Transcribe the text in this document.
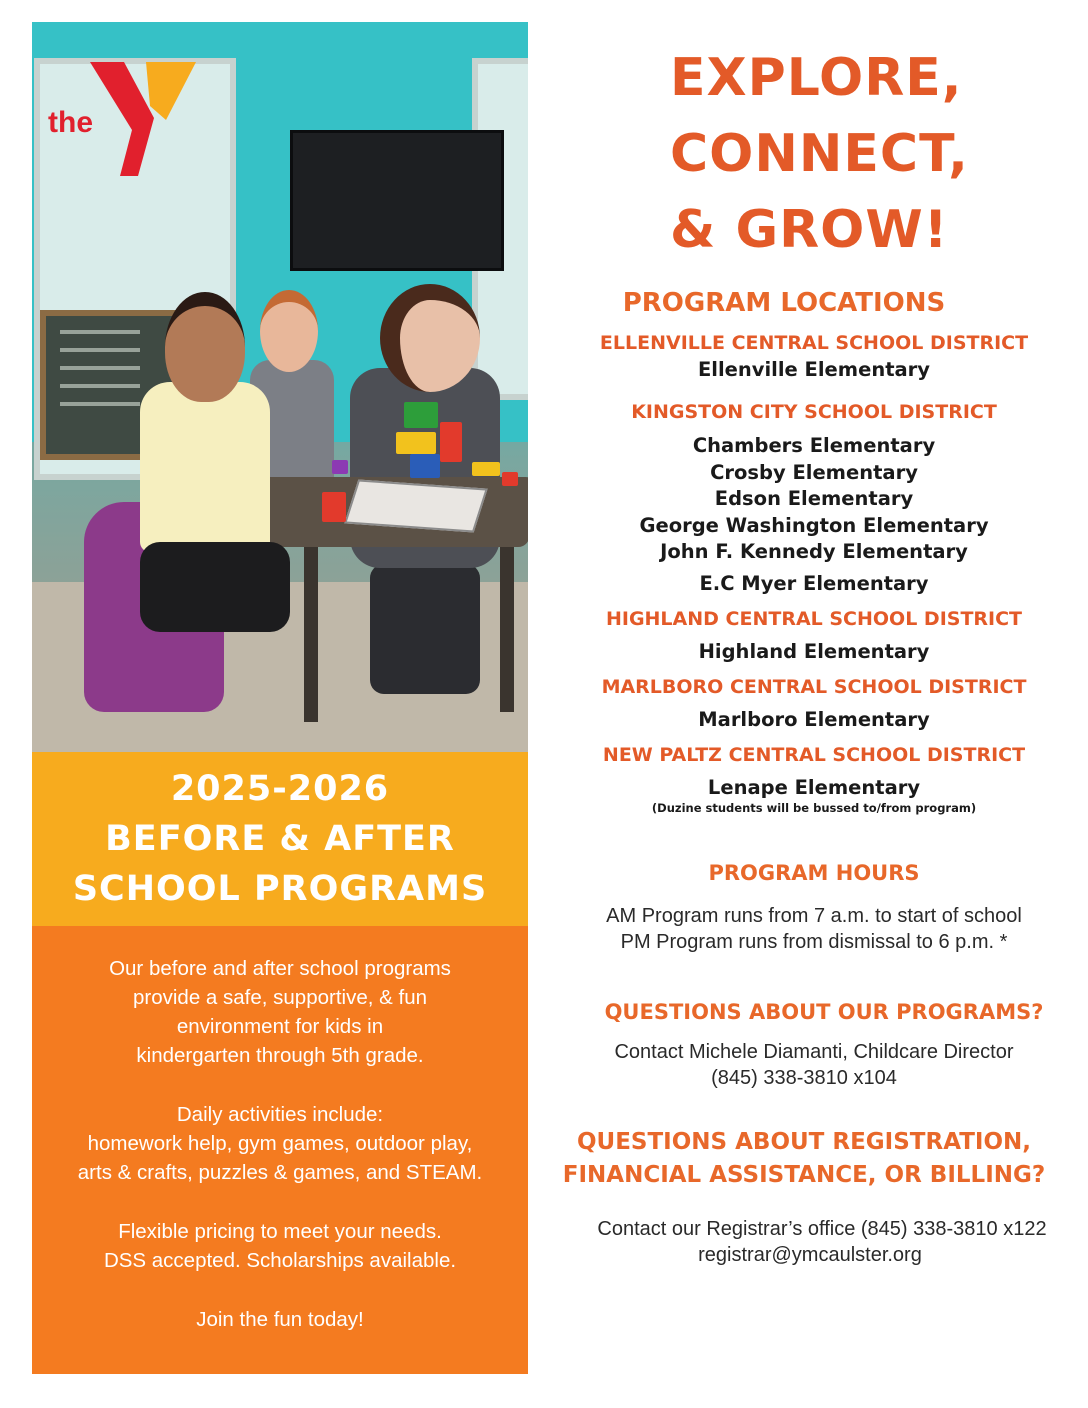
the
2025-2026
BEFORE & AFTER
SCHOOL PROGRAMS

Our before and after school programs
provide a safe, supportive, & fun
environment for kids in
kindergarten through 5th grade.

Daily activities include:
homework help, gym games, outdoor play,
arts & crafts, puzzles & games, and STEAM.

Flexible pricing to meet your needs.
DSS accepted. Scholarships available.

Join the fun today!

EXPLORE,
CONNECT,
& GROW!
PROGRAM LOCATIONS
ELLENVILLE CENTRAL SCHOOL DISTRICT
Ellenville Elementary
KINGSTON CITY SCHOOL DISTRICT
Chambers Elementary
Crosby Elementary
Edson Elementary
George Washington Elementary
John F. Kennedy Elementary
E.C Myer Elementary
HIGHLAND CENTRAL SCHOOL DISTRICT
Highland Elementary
MARLBORO CENTRAL SCHOOL DISTRICT
Marlboro Elementary
NEW PALTZ CENTRAL SCHOOL DISTRICT
Lenape Elementary
(Duzine students will be bussed to/from program)
PROGRAM HOURS
AM Program runs from 7 a.m. to start of school
PM Program runs from dismissal to 6 p.m. *
QUESTIONS ABOUT OUR PROGRAMS?
Contact Michele Diamanti, Childcare Director
(845) 338-3810 x104
QUESTIONS ABOUT REGISTRATION,
FINANCIAL ASSISTANCE, OR BILLING?
Contact our Registrar’s office (845) 338-3810 x122
registrar@ymcaulster.org
